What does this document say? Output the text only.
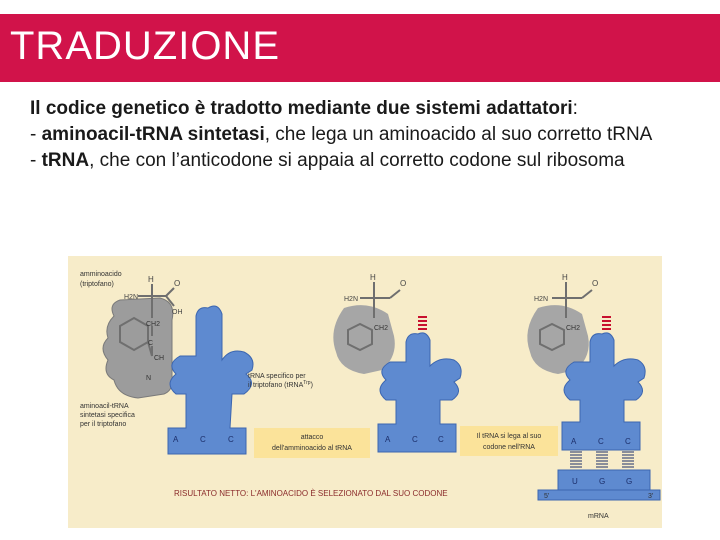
TRADUZIONE

Il codice genetico è tradotto mediante due sistemi adattatori:

- aminoacil-tRNA sintetasi, che lega un aminoacido al suo corretto tRNA

- tRNA, che con l’anticodone si appaia al corretto codone sul ribosoma

H
H2N
O
OH
CH2
C
CH
N
A	C	C
amminoacido
(triptofano)
tRNA specifico per
il triptofano (tRNA$^{Trp}$)
aminoacil-tRNA
sintetasi specifica
per il triptofano
attacco
dell'amminoacido al tRNA
H
H2N
O
CH2
A	C	C	Il tRNA si lega al suo
codone nell'RNA
H
H2N
O
CH2
A	C	C
U	G	G
5'	3'
mRNA
RISULTATO NETTO: L'AMINOACIDO È SELEZIONATO DAL SUO CODONE
